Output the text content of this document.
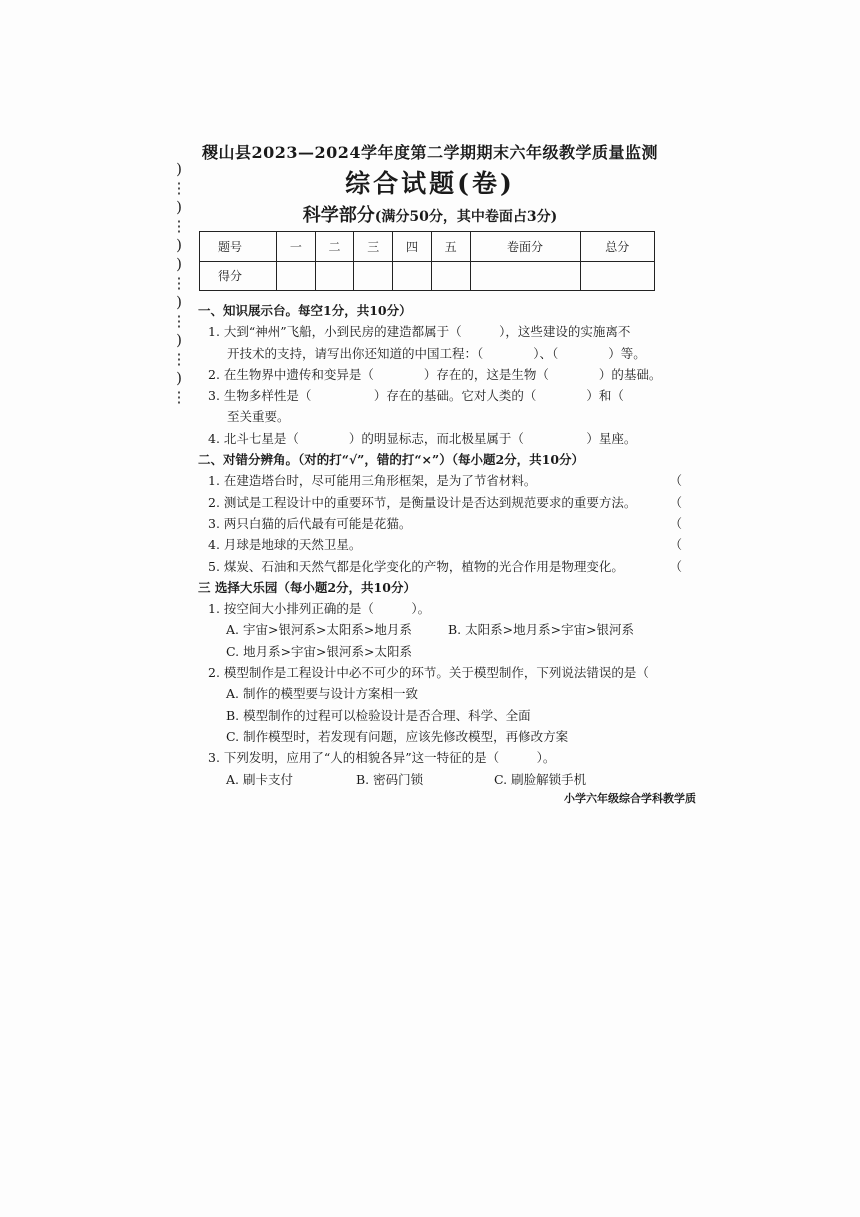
)
⋮
)
⋮
)
)
⋮
)
⋮
)
⋮
)
⋮
稷山县2023—2024学年度第二学期期末六年级教学质量监测
综合试题(卷)
科学部分(满分50分，其中卷面占3分)
题号	一	二	三	四	五	卷面分	总分
得分							
一、知识展示台。每空1分，共10分）
1. 大到“神州”飞船，小到民房的建造都属于（　　　），这些建设的实施离不
开技术的支持，请写出你还知道的中国工程：（　　　　）、（　　　　）等。
2. 在生物界中遗传和变异是（　　　　）存在的，这是生物（　　　　）的基础。
3. 生物多样性是（　　　　　）存在的基础。它对人类的（　　　　）和（
至关重要。
4. 北斗七星是（　　　　）的明显标志，而北极星属于（　　　　　）星座。
二、对错分辨角。（对的打“√”，错的打“×”）（每小题2分，共10分）
1. 在建造塔台时，尽可能用三角形框架，是为了节省材料。	（
2. 测试是工程设计中的重要环节，是衡量设计是否达到规范要求的重要方法。	（
3. 两只白猫的后代最有可能是花猫。	（
4. 月球是地球的天然卫星。	（
5. 煤炭、石油和天然气都是化学变化的产物，植物的光合作用是物理变化。	（
三 选择大乐园（每小题2分，共10分）
1. 按空间大小排列正确的是（　　　）。
A. 宇宙>银河系>太阳系>地月系	B. 太阳系>地月系>宇宙>银河系
C. 地月系>宇宙>银河系>太阳系
2. 模型制作是工程设计中必不可少的环节。关于模型制作，下列说法错误的是（
A. 制作的模型要与设计方案相一致
B. 模型制作的过程可以检验设计是否合理、科学、全面
C. 制作模型时，若发现有问题，应该先修改模型，再修改方案
3. 下列发明，应用了“人的相貌各异”这一特征的是（　　　）。
A. 刷卡支付	B. 密码门锁	C. 刷脸解锁手机
小学六年级综合学科教学质
